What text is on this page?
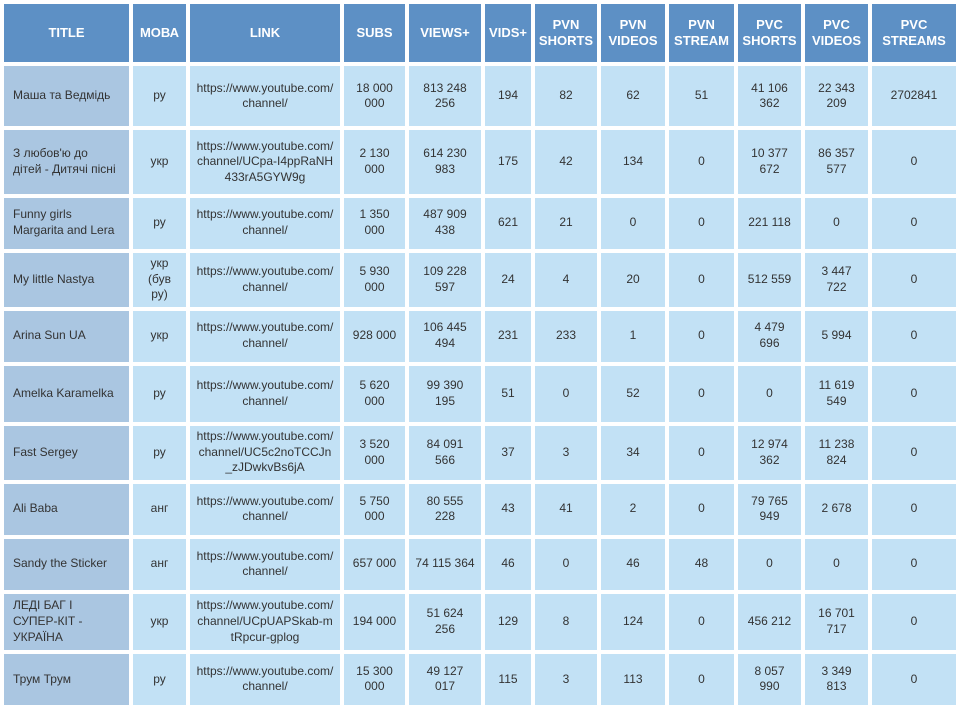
TITLE	МОВА	LINK	SUBS	VIEWS+	VIDS+	PVN SHORTS	PVN VIDEOS	PVN STREAM	PVC SHORTS	PVC VIDEOS	PVC STREAMS
Маша та Ведмідь	ру	https://www.youtube.com/channel/	18 000 000	813 248 256	194	82	62	51	41 106 362	22 343 209	2702841
З любов'ю до дітей - Дитячі пісні	укр	https://www.youtube.com/channel/UCpa-I4ppRaNH433rA5GYW9g	2 130 000	614 230 983	175	42	134	0	10 377 672	86 357 577	0
Funny girls Margarita and Lera	ру	https://www.youtube.com/channel/	1 350 000	487 909 438	621	21	0	0	221 118	0	0
My little Nastya	укр (був ру)	https://www.youtube.com/channel/	5 930 000	109 228 597	24	4	20	0	512 559	3 447 722	0
Arina Sun UA	укр	https://www.youtube.com/channel/	928 000	106 445 494	231	233	1	0	4 479 696	5 994	0
Amelka Karamelka	ру	https://www.youtube.com/channel/	5 620 000	99 390 195	51	0	52	0	0	11 619 549	0
Fast Sergey	ру	https://www.youtube.com/channel/UC5c2noTCCJn_zJDwkvBs6jA	3 520 000	84 091 566	37	3	34	0	12 974 362	11 238 824	0
Ali Baba	анг	https://www.youtube.com/channel/	5 750 000	80 555 228	43	41	2	0	79 765 949	2 678	0
Sandy the Sticker	анг	https://www.youtube.com/channel/	657 000	74 115 364	46	0	46	48	0	0	0
ЛЕДІ БАГ І СУПЕР-КІТ - УКРАЇНА	укр	https://www.youtube.com/channel/UCpUAPSkab-mtRpcur-gplog	194 000	51 624 256	129	8	124	0	456 212	16 701 717	0
Трум Трум	ру	https://www.youtube.com/channel/	15 300 000	49 127 017	115	3	113	0	8 057 990	3 349 813	0
